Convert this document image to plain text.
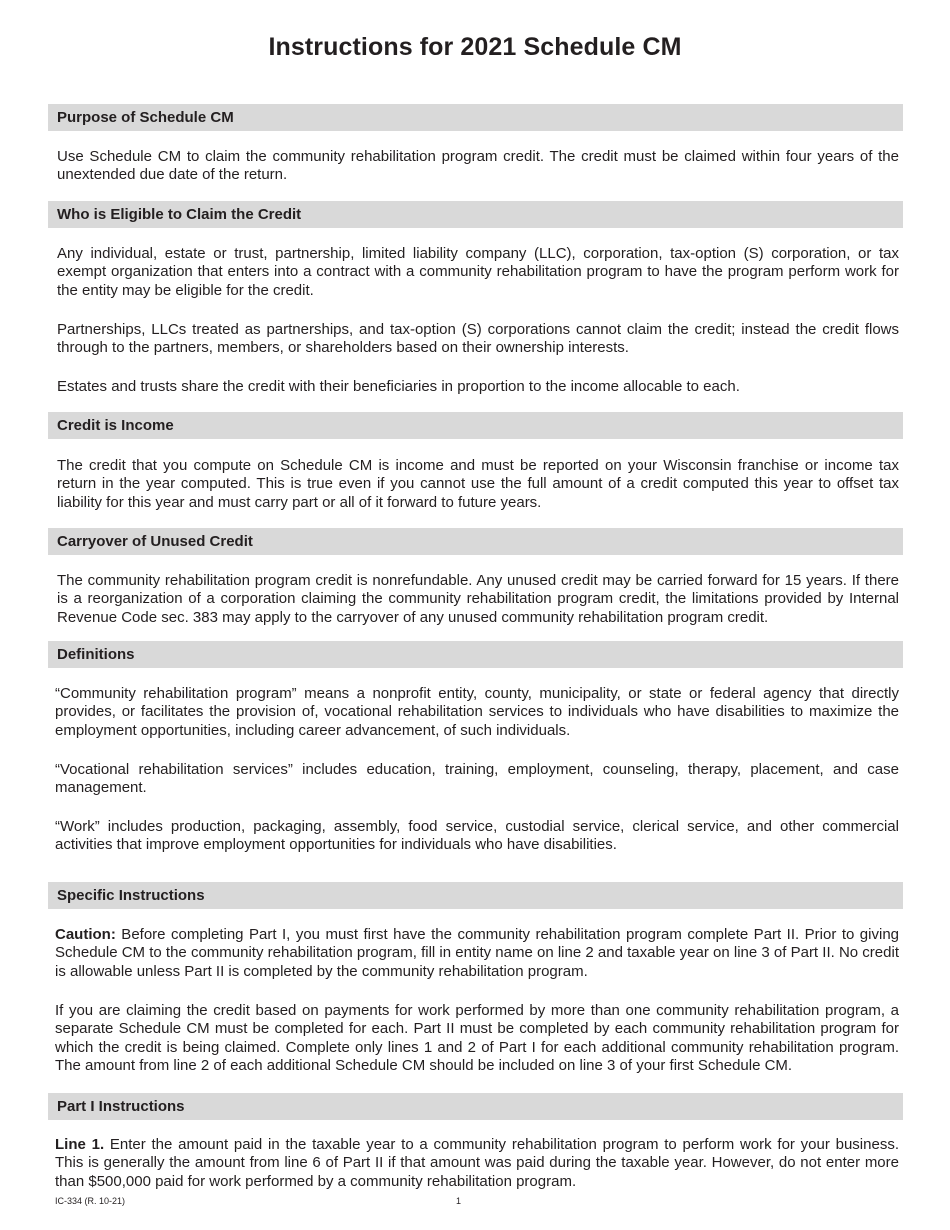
Instructions for 2021 Schedule CM
Purpose of Schedule CM

Use Schedule CM to claim the community rehabilitation program credit. The credit must be claimed within four years of the unextended due date of the return.

Who is Eligible to Claim the Credit

Any individual, estate or trust, partnership, limited liability company (LLC), corporation, tax-option (S) corporation, or tax exempt organization that enters into a contract with a community rehabilitation program to have the program perform work for the entity may be eligible for the credit.

Partnerships, LLCs treated as partnerships, and tax-option (S) corporations cannot claim the credit; instead the credit flows through to the partners, members, or shareholders based on their ownership interests.

Estates and trusts share the credit with their beneficiaries in proportion to the income allocable to each.

Credit is Income

The credit that you compute on Schedule CM is income and must be reported on your Wisconsin franchise or income tax return in the year computed. This is true even if you cannot use the full amount of a credit computed this year to offset tax liability for this year and must carry part or all of it forward to future years.

Carryover of Unused Credit

The community rehabilitation program credit is nonrefundable. Any unused credit may be carried forward for 15 years. If there is a reorganization of a corporation claiming the community rehabilitation program credit, the limitations provided by Internal Revenue Code sec. 383 may apply to the carryover of any unused community rehabilitation program credit.

Definitions

“Community rehabilitation program” means a nonprofit entity, county, municipality, or state or federal agency that directly provides, or facilitates the provision of, vocational rehabilitation services to individuals who have disabilities to maximize the employment opportunities, including career advancement, of such individuals.

“Vocational rehabilitation services” includes education, training, employment, counseling, therapy, placement, and case management.

“Work” includes production, packaging, assembly, food service, custodial service, clerical service, and other commercial activities that improve employment opportunities for individuals who have disabilities.

Specific Instructions

Caution: Before completing Part I, you must first have the community rehabilitation program complete Part II. Prior to giving Schedule CM to the community rehabilitation program, fill in entity name on line 2 and taxable year on line 3 of Part II. No credit is allowable unless Part II is completed by the community rehabilitation program.

If you are claiming the credit based on payments for work performed by more than one community rehabilitation program, a separate Schedule CM must be completed for each. Part II must be completed by each community rehabilitation program for which the credit is being claimed. Complete only lines 1 and 2 of Part I for each additional community rehabilitation program. The amount from line 2 of each additional Schedule CM should be included on line 3 of your first Schedule CM.

Part I Instructions

Line 1. Enter the amount paid in the taxable year to a community rehabilitation program to perform work for your business. This is generally the amount from line 6 of Part II if that amount was paid during the taxable year. However, do not enter more than $500,000 paid for work performed by a community rehabilitation program.

IC-334 (R. 10-21)	1
